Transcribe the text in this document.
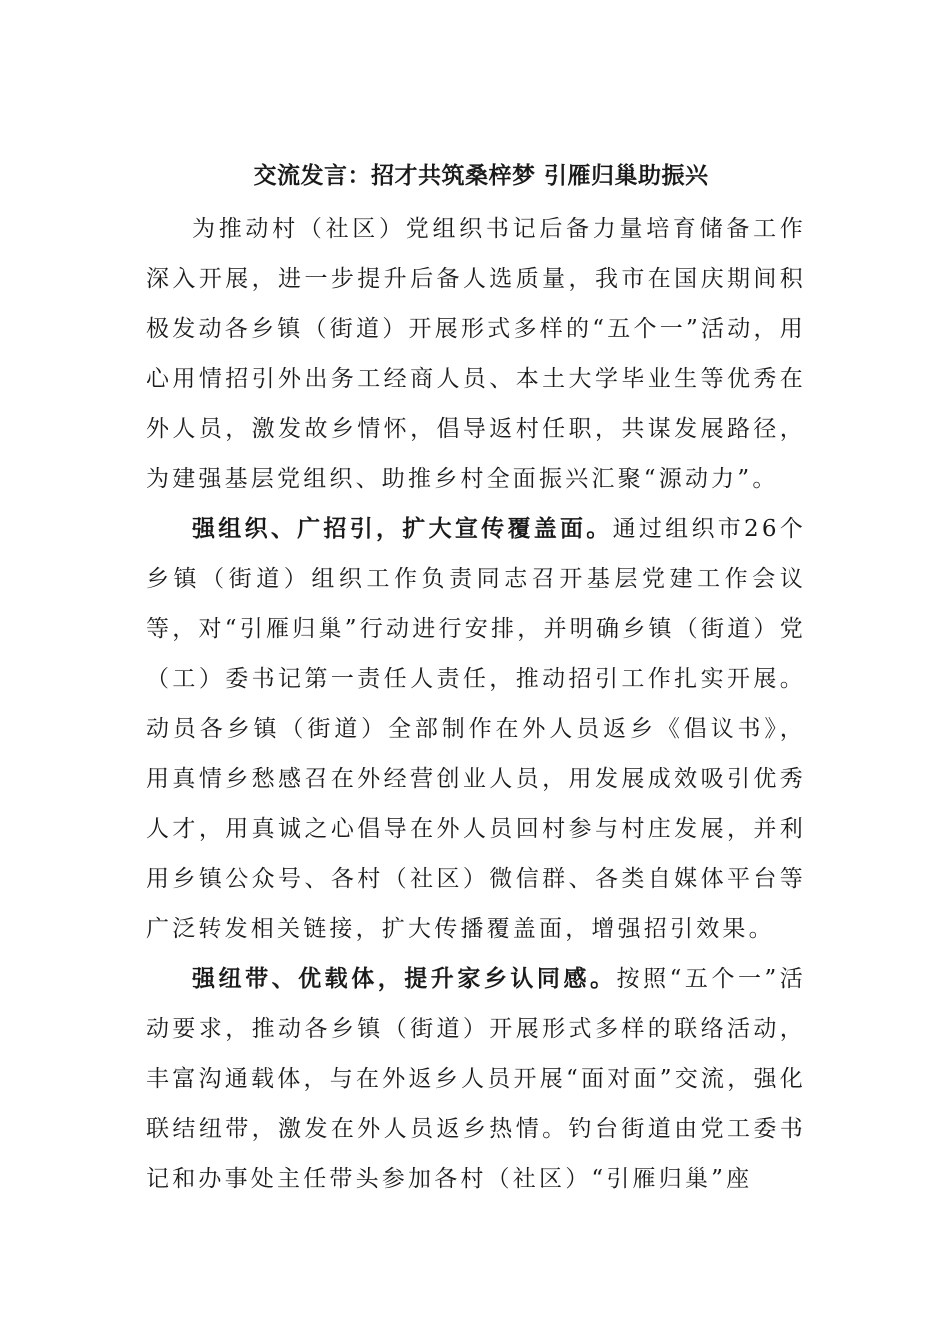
交流发言：招才共筑桑梓梦 引雁归巢助振兴

为推动村（社区）党组织书记后备力量培育储备工作深入开展，进一步提升后备人选质量，我市在国庆期间积极发动各乡镇（街道）开展形式多样的“五个一”活动，用心用情招引外出务工经商人员、本土大学毕业生等优秀在外人员，激发故乡情怀，倡导返村任职，共谋发展路径，为建强基层党组织、助推乡村全面振兴汇聚“源动力”。

强组织、广招引，扩大宣传覆盖面。通过组织市26个乡镇（街道）组织工作负责同志召开基层党建工作会议等，对“引雁归巢”行动进行安排，并明确乡镇（街道）党（工）委书记第一责任人责任，推动招引工作扎实开展。动员各乡镇（街道）全部制作在外人员返乡《倡议书》，用真情乡愁感召在外经营创业人员，用发展成效吸引优秀人才，用真诚之心倡导在外人员回村参与村庄发展，并利用乡镇公众号、各村（社区）微信群、各类自媒体平台等广泛转发相关链接，扩大传播覆盖面，增强招引效果。

强纽带、优载体，提升家乡认同感。按照“五个一”活动要求，推动各乡镇（街道）开展形式多样的联络活动，丰富沟通载体，与在外返乡人员开展“面对面”交流，强化联结纽带，激发在外人员返乡热情。钓台街道由党工委书记和办事处主任带头参加各村（社区）“引雁归巢”座
